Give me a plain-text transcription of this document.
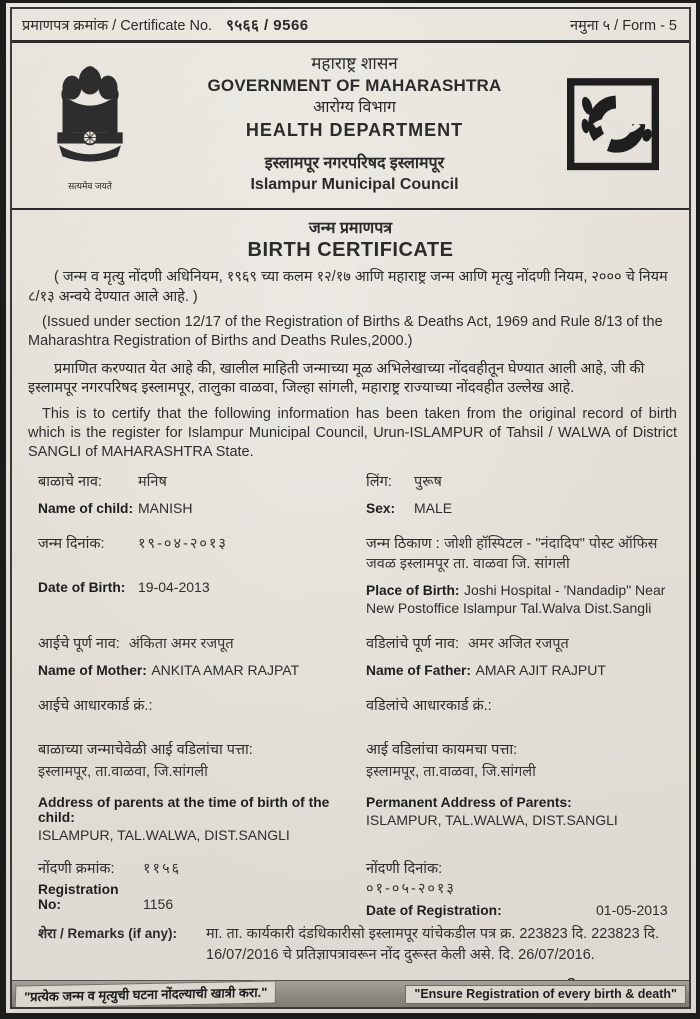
प्रमाणपत्र क्रमांक / Certificate No. ९५६६ / 9566	नमुना ५ / Form - 5
सत्यमेव जयते
महाराष्ट्र शासन
GOVERNMENT OF MAHARASHTRA
आरोग्य विभाग
HEALTH DEPARTMENT
इस्लामपूर नगरपरिषद इस्लामपूर
Islampur Municipal Council
जन्म प्रमाणपत्र
BIRTH CERTIFICATE
( जन्म व मृत्यु नोंदणी अधिनियम, १९६९ च्या कलम १२/१७ आणि महाराष्ट्र जन्म आणि मृत्यु नोंदणी नियम, २००० चे नियम ८/१३ अन्वये देण्यात आले आहे. )
(Issued under section 12/17 of the Registration of Births & Deaths Act, 1969 and Rule 8/13 of the Maharashtra Registration of Births and Deaths Rules,2000.)
प्रमाणित करण्यात येत आहे की, खालील माहिती जन्माच्या मूळ अभिलेखाच्या नोंदवहीतून घेण्यात आली आहे, जी की इस्लामपूर नगरपरिषद इस्लामपूर, तालुका वाळवा, जिल्हा सांगली, महाराष्ट्र राज्याच्या नोंदवहीत उल्लेख आहे.
This is to certify that the following information has been taken from the original record of birth which is the register for Islampur Municipal Council, Urun-ISLAMPUR of Tahsil / WALWA of District SANGLI of MAHARASHTRA State.
बाळाचे नाव: मनिष
Name of child: MANISH
लिंग: पुरूष
Sex: MALE
जन्म दिनांक: १९-०४-२०१३
Date of Birth: 19-04-2013
जन्म ठिकाण : जोशी हॉस्पिटल - "नंदादिप" पोस्ट ऑफिस जवळ इस्लामपूर ता. वाळवा जि. सांगली
Place of Birth: Joshi Hospital - 'Nandadip" Near New Postoffice Islampur Tal.Walva Dist.Sangli
आईचे पूर्ण नाव: अंकिता अमर रजपूत
Name of Mother: ANKITA AMAR RAJPAT
वडिलांचे पूर्ण नाव: अमर अजित रजपूत
Name of Father: AMAR AJIT RAJPUT
आईचे आधारकार्ड क्रं.:	वडिलांचे आधारकार्ड क्रं.:
बाळाच्या जन्माचेवेळी आई वडिलांचा पत्ता:
इस्लामपूर, ता.वाळवा, जि.सांगली
Address of parents at the time of birth of the child:
ISLAMPUR, TAL.WALWA, DIST.SANGLI
आई वडिलांचा कायमचा पत्ता:
इस्लामपूर, ता.वाळवा, जि.सांगली
Permanent Address of Parents:
ISLAMPUR, TAL.WALWA, DIST.SANGLI
नोंदणी क्रमांक: ११५६
Registration No:	1156
नोंदणी दिनांक:०१-०५-२०१३
Date of Registration:	01-05-2013
शेरा / Remarks (if any):	मा. ता. कार्यकारी दंडधिकारीसो इस्लामपूर यांचेकडील पत्र क्र. 223823 दि. 223823 दि. 16/07/2016 चे प्रतिज्ञापत्रावरून नोंद दुरूस्त केली असे. दि. 26/07/2016.
"प्रत्येक जन्म व मृत्युची घटना नोंदल्याची खात्री करा."	"Ensure Registration of every birth & death"
